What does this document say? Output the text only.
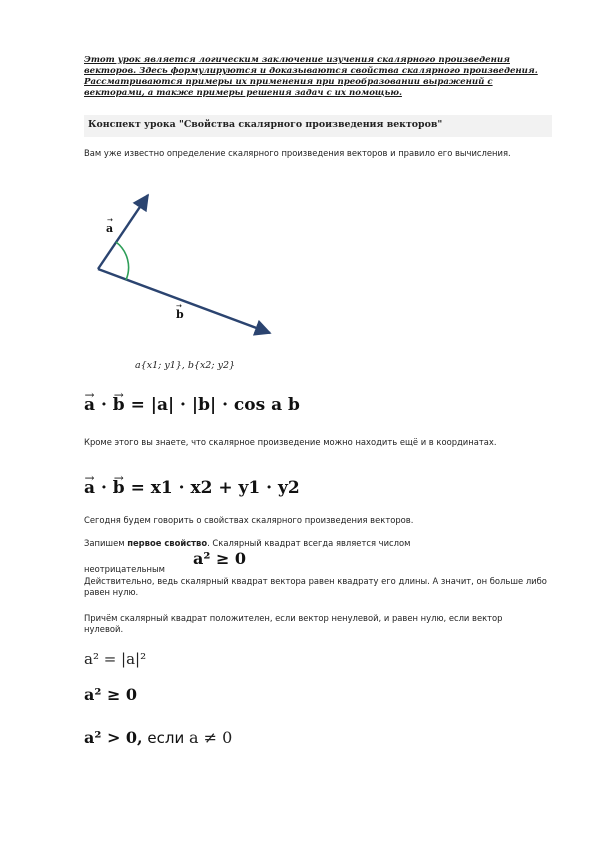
Этот урок является логическим заключение изучения скалярного произведения векторов. Здесь формулируются и доказываются свойства скалярного произведения. Рассматриваются примеры их применения при преобразовании выражений с векторами, а также примеры решения задач с их помощью.
Конспект урока "Свойства скалярного произведения векторов"
Вам уже известно определение скалярного произведения векторов и правило его вычисления.
a
→
b
→
a{x1; y1}, b{x2; y2}
→ a · → b = |a| · |b| · cos a b
Кроме этого вы знаете, что скалярное произведение можно находить ещё и в координатах.
→ a · → b = x1 · x2 + y1 · y2
Сегодня будем говорить о свойствах скалярного произведения векторов.
Запишем первое свойство. Скалярный квадрат всегда является числом
a² ≥ 0
неотрицательным
Действительно, ведь скалярный квадрат вектора равен квадрату его длины. А значит, он больше либо равен нулю.
Причём скалярный квадрат положителен, если вектор ненулевой, и равен нулю, если вектор нулевой.
a² = |a|²
a² ≥ 0
a² > 0, если a ≠ 0
